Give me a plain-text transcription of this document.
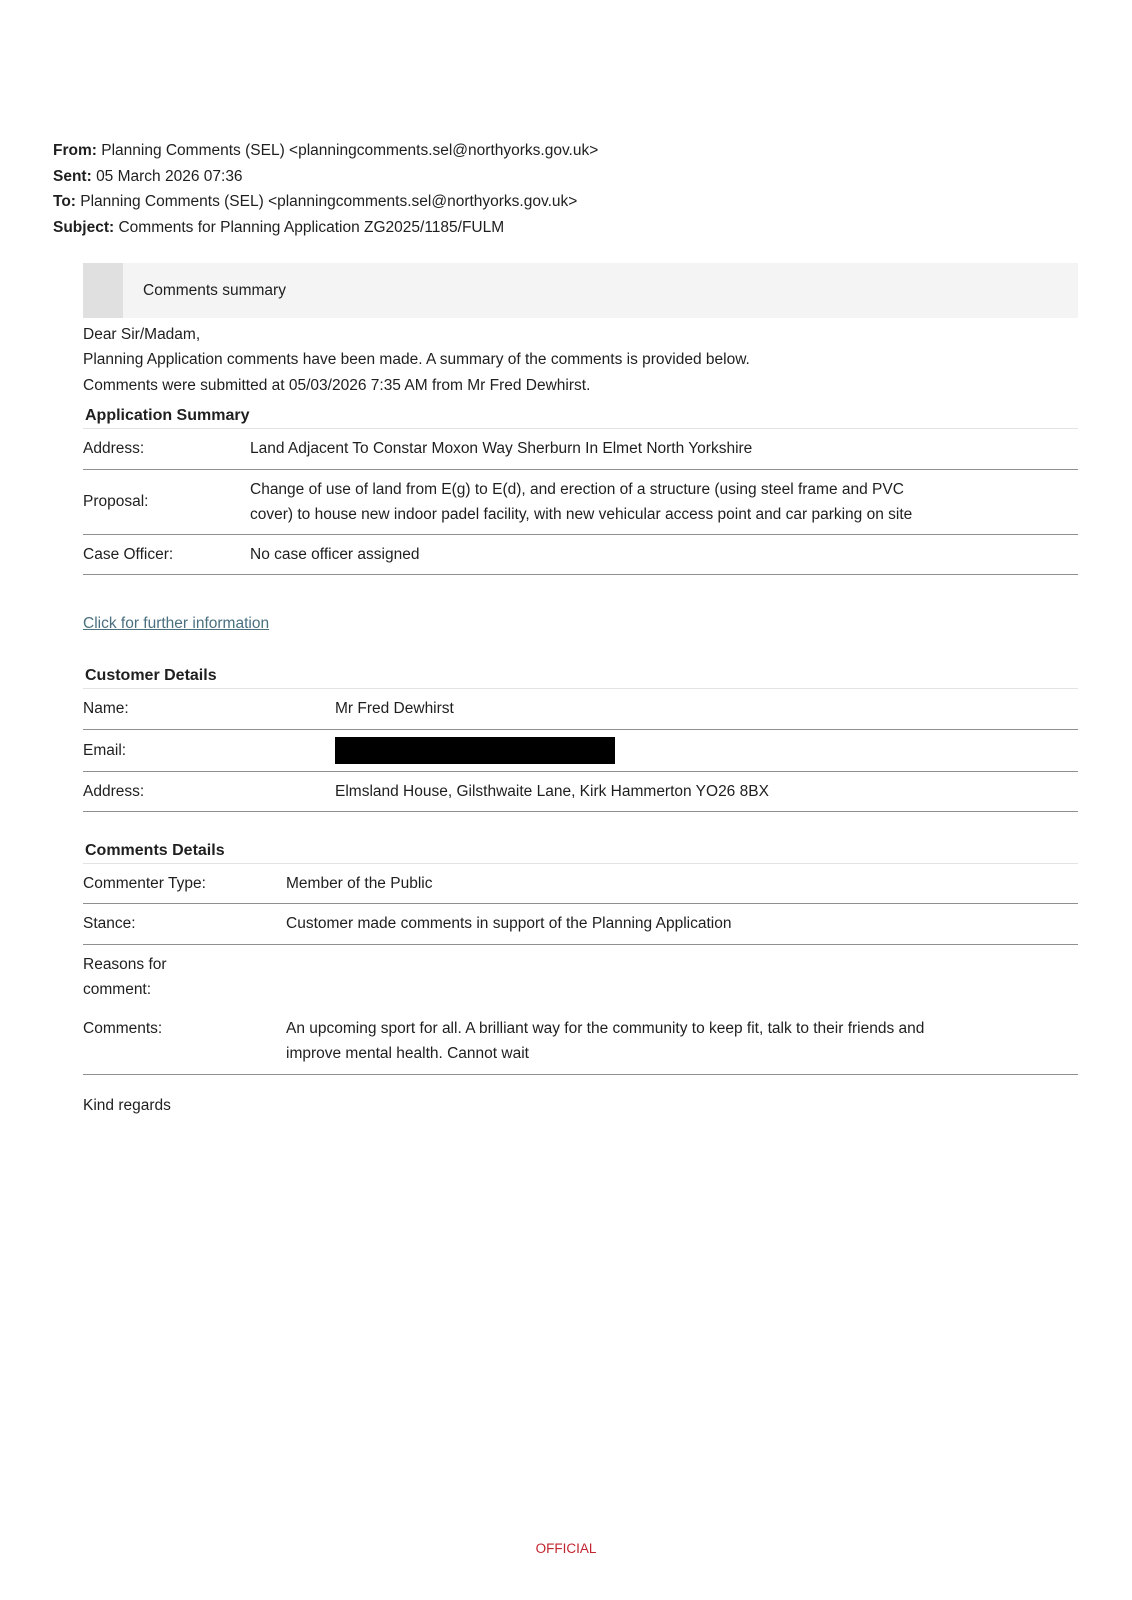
From: Planning Comments (SEL) <planningcomments.sel@northyorks.gov.uk>
Sent: 05 March 2026 07:36
To: Planning Comments (SEL) <planningcomments.sel@northyorks.gov.uk>
Subject: Comments for Planning Application ZG2025/1185/FULM
Comments summary
Dear Sir/Madam,
Planning Application comments have been made. A summary of the comments is provided below.
Comments were submitted at 05/03/2026 7:35 AM from Mr Fred Dewhirst.
Application Summary
Address:	Land Adjacent To Constar Moxon Way Sherburn In Elmet North Yorkshire

Proposal:	Change of use of land from E(g) to E(d), and erection of a structure (using steel frame and PVC cover) to house new indoor padel facility, with new vehicular access point and car parking on site

Case Officer:	No case officer assigned
Click for further information
Customer Details
Name:	Mr Fred Dewhirst

Email:	

Address:	Elmsland House, Gilsthwaite Lane, Kirk Hammerton YO26 8BX
Comments Details
Commenter Type:	Member of the Public

Stance:	Customer made comments in support of the Planning Application

Reasons for comment:	

Comments:	An upcoming sport for all. A brilliant way for the community to keep fit, talk to their friends and improve mental health. Cannot wait

Kind regards

OFFICIAL
